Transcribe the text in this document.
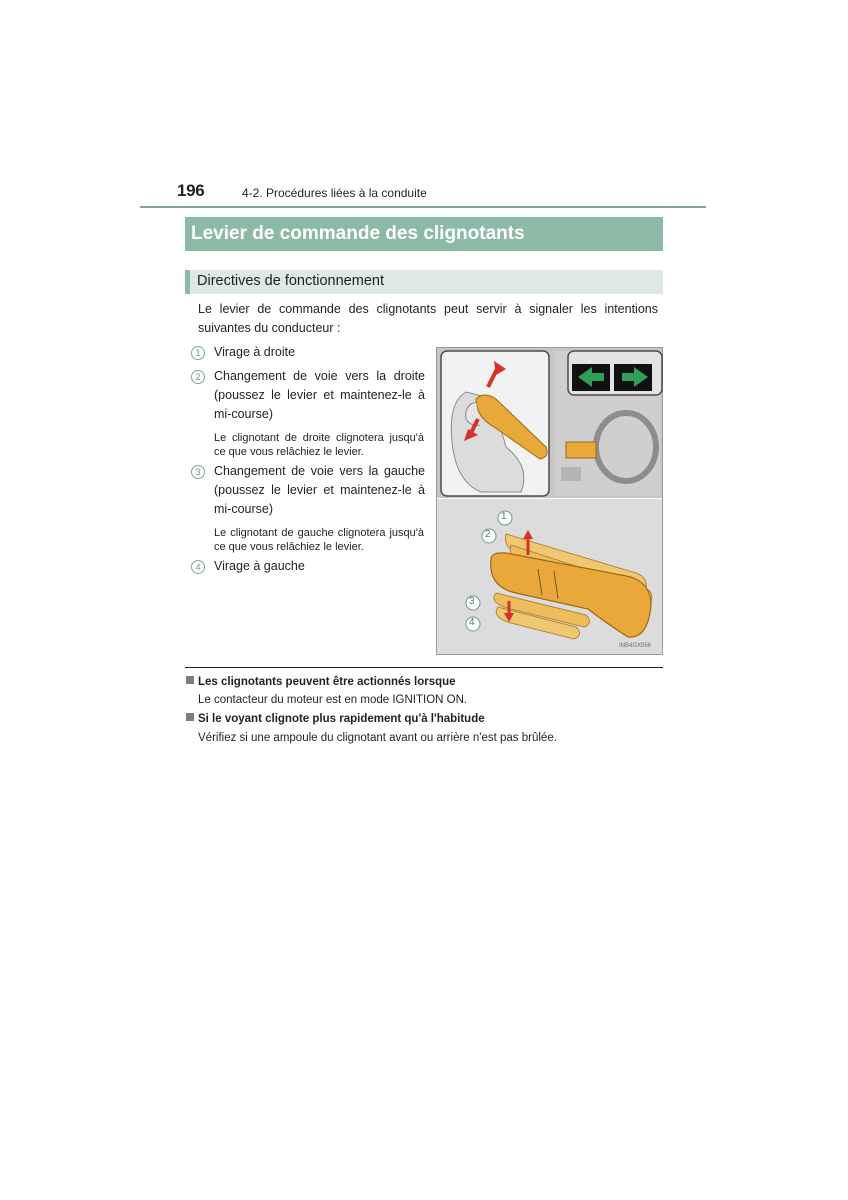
196	4-2. Procédures liées à la conduite
Levier de commande des clignotants
Directives de fonctionnement
Le levier de commande des clignotants peut servir à signaler les intentions suivantes du conducteur :
1	Virage à droite
2	Changement de voie vers la droite (poussez le levier et maintenez-le à mi-course)
Le clignotant de droite clignotera jusqu'à ce que vous relâchiez le levier.
3	Changement de voie vers la gauche (poussez le levier et maintenez-le à mi-course)
Le clignotant de gauche clignotera jusqu'à ce que vous relâchiez le levier.
4	Virage à gauche
1
2
3
4
INB4GX056
Les clignotants peuvent être actionnés lorsque
Le contacteur du moteur est en mode IGNITION ON.
Si le voyant clignote plus rapidement qu'à l'habitude
Vérifiez si une ampoule du clignotant avant ou arrière n'est pas brûlée.
